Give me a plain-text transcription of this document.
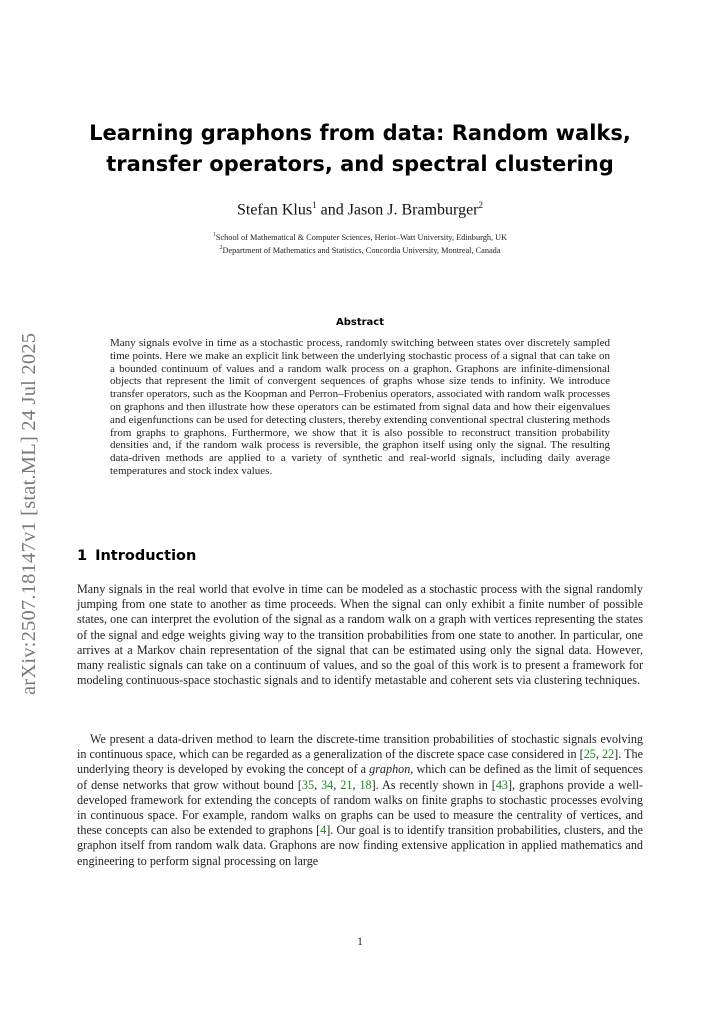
arXiv:2507.18147v1 [stat.ML] 24 Jul 2025
Learning graphons from data: Random walks,
transfer operators, and spectral clustering
Stefan Klus$^1$ and Jason J. Bramburger$^2$
$^1$School of Mathematical & Computer Sciences, Heriot–Watt University, Edinburgh, UK
$^2$Department of Mathematics and Statistics, Concordia University, Montreal, Canada
Abstract
Many signals evolve in time as a stochastic process, randomly switching between states over discretely sampled time points. Here we make an explicit link between the underlying stochastic process of a signal that can take on a bounded continuum of values and a random walk process on a graphon. Graphons are infinite-dimensional objects that represent the limit of convergent sequences of graphs whose size tends to infinity. We introduce transfer operators, such as the Koopman and Perron–Frobenius operators, associated with random walk processes on graphons and then illustrate how these operators can be estimated from signal data and how their eigenvalues and eigenfunctions can be used for detecting clusters, thereby extending conventional spectral clustering methods from graphs to graphons. Furthermore, we show that it is also possible to reconstruct transition probability densities and, if the random walk process is reversible, the graphon itself using only the signal. The resulting data-driven methods are applied to a variety of synthetic and real-world signals, including daily average temperatures and stock index values.
1 Introduction
Many signals in the real world that evolve in time can be modeled as a stochastic process with the signal randomly jumping from one state to another as time proceeds. When the signal can only exhibit a finite number of possible states, one can interpret the evolution of the signal as a random walk on a graph with vertices representing the states of the signal and edge weights giving way to the transition probabilities from one state to another. In particular, one arrives at a Markov chain representation of the signal that can be estimated using only the signal data. However, many realistic signals can take on a continuum of values, and so the goal of this work is to present a framework for modeling continuous-space stochastic signals and to identify metastable and coherent sets via clustering techniques.
We present a data-driven method to learn the discrete-time transition probabilities of stochastic signals evolving in continuous space, which can be regarded as a generalization of the discrete space case considered in [25, 22]. The underlying theory is developed by evoking the concept of a graphon, which can be defined as the limit of sequences of dense networks that grow without bound [35, 34, 21, 18]. As recently shown in [43], graphons provide a well-developed framework for extending the concepts of random walks on finite graphs to stochastic processes evolving in continuous space. For example, random walks on graphs can be used to measure the centrality of vertices, and these concepts can also be extended to graphons [4]. Our goal is to identify transition probabilities, clusters, and the graphon itself from random walk data. Graphons are now finding extensive application in applied mathematics and engineering to perform signal processing on large
1
